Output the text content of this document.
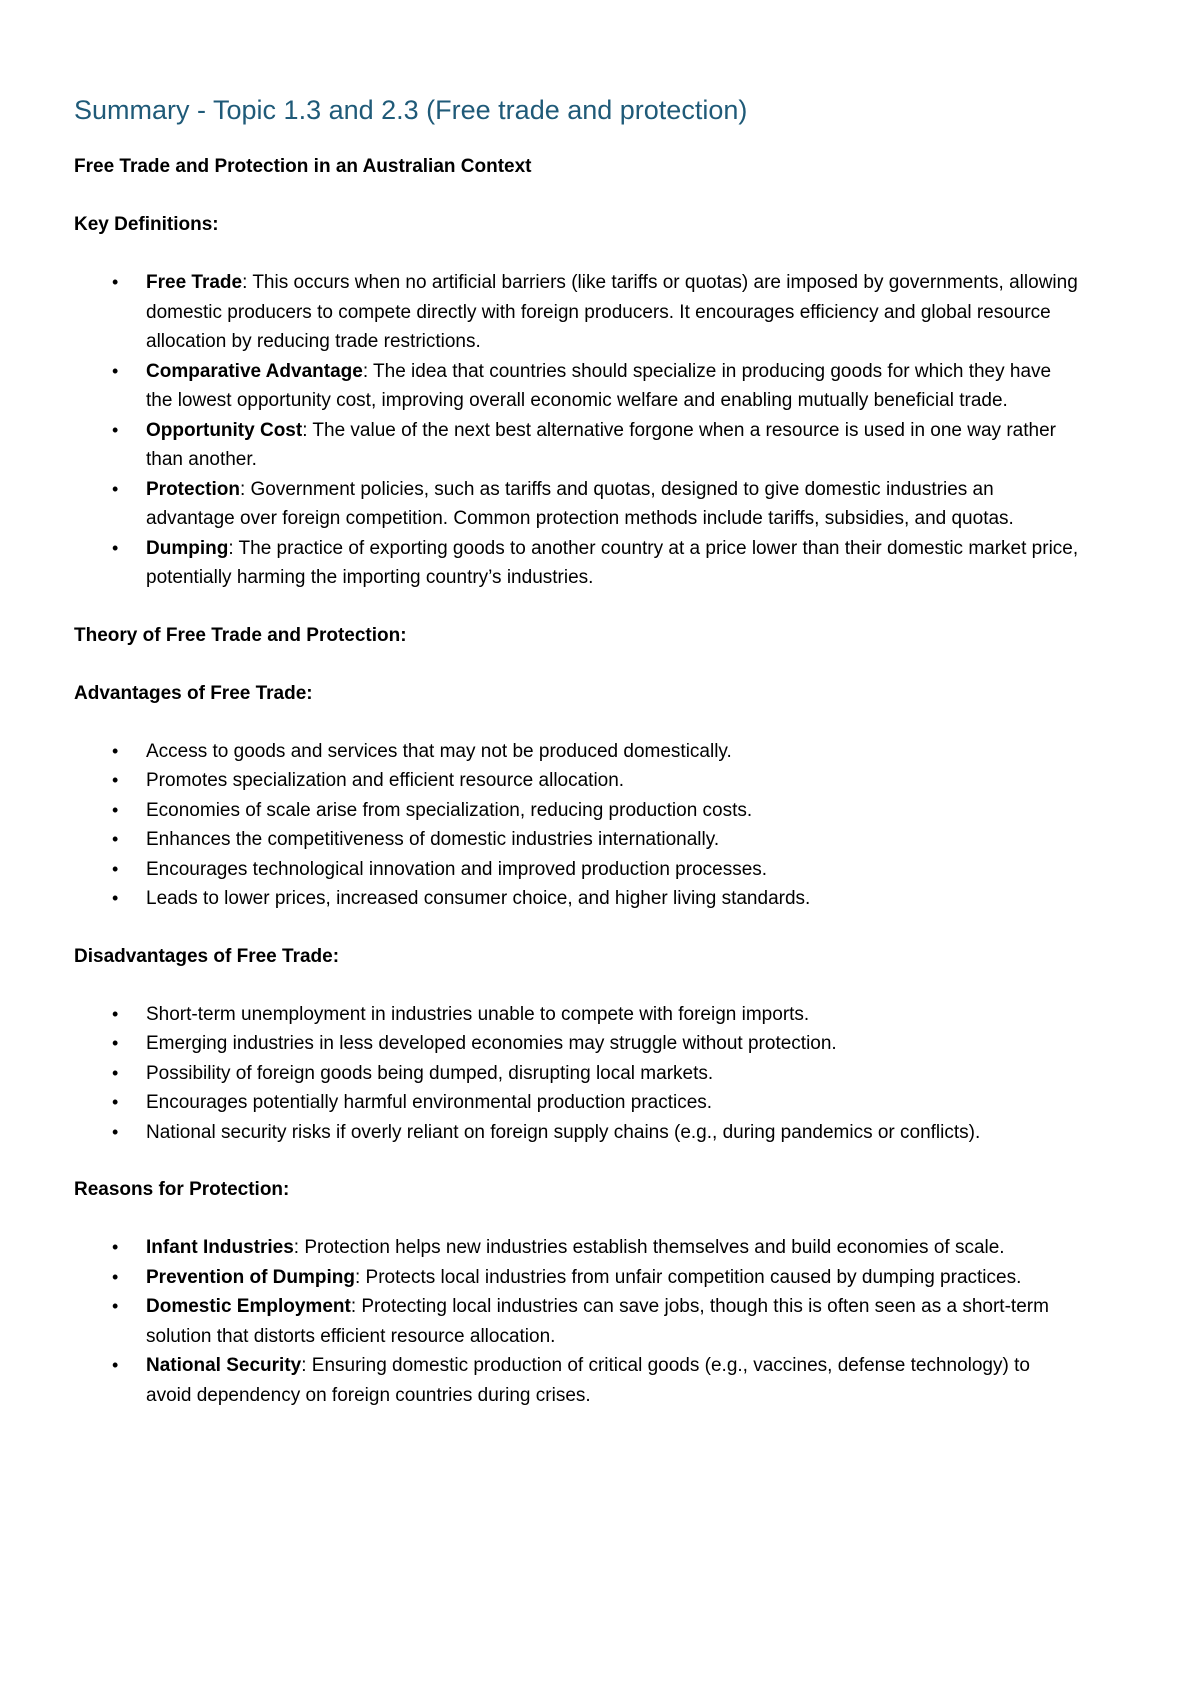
Summary - Topic 1.3 and 2.3 (Free trade and protection)

Free Trade and Protection in an Australian Context

Key Definitions:

• Free Trade: This occurs when no artificial barriers (like tariffs or quotas) are imposed by governments, allowing domestic producers to compete directly with foreign producers. It encourages efficiency and global resource allocation by reducing trade restrictions.
• Comparative Advantage: The idea that countries should specialize in producing goods for which they have the lowest opportunity cost, improving overall economic welfare and enabling mutually beneficial trade.
• Opportunity Cost: The value of the next best alternative forgone when a resource is used in one way rather than another.
• Protection: Government policies, such as tariffs and quotas, designed to give domestic industries an advantage over foreign competition. Common protection methods include tariffs, subsidies, and quotas.
• Dumping: The practice of exporting goods to another country at a price lower than their domestic market price, potentially harming the importing country’s industries.

Theory of Free Trade and Protection:

Advantages of Free Trade:

• Access to goods and services that may not be produced domestically.
• Promotes specialization and efficient resource allocation.
• Economies of scale arise from specialization, reducing production costs.
• Enhances the competitiveness of domestic industries internationally.
• Encourages technological innovation and improved production processes.
• Leads to lower prices, increased consumer choice, and higher living standards.

Disadvantages of Free Trade:

• Short-term unemployment in industries unable to compete with foreign imports.
• Emerging industries in less developed economies may struggle without protection.
• Possibility of foreign goods being dumped, disrupting local markets.
• Encourages potentially harmful environmental production practices.
• National security risks if overly reliant on foreign supply chains (e.g., during pandemics or conflicts).

Reasons for Protection:

• Infant Industries: Protection helps new industries establish themselves and build economies of scale.
• Prevention of Dumping: Protects local industries from unfair competition caused by dumping practices.
• Domestic Employment: Protecting local industries can save jobs, though this is often seen as a short-term solution that distorts efficient resource allocation.
• National Security: Ensuring domestic production of critical goods (e.g., vaccines, defense technology) to avoid dependency on foreign countries during crises.
